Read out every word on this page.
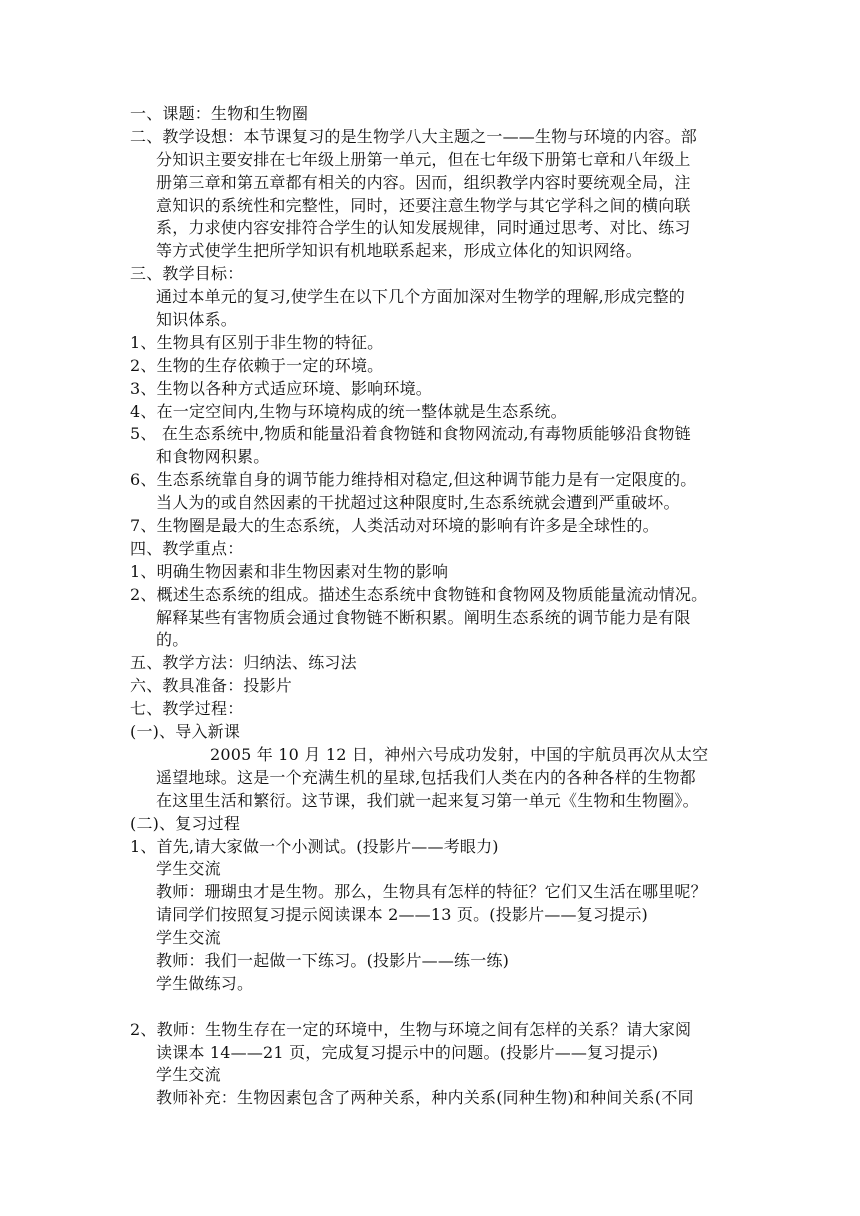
一、课题：生物和生物圈
二、教学设想：本节课复习的是生物学八大主题之一——生物与环境的内容。部
分知识主要安排在七年级上册第一单元，但在七年级下册第七章和八年级上
册第三章和第五章都有相关的内容。因而，组织教学内容时要统观全局，注
意知识的系统性和完整性，同时，还要注意生物学与其它学科之间的横向联
系，力求使内容安排符合学生的认知发展规律，同时通过思考、对比、练习
等方式使学生把所学知识有机地联系起来，形成立体化的知识网络。
三、教学目标：
通过本单元的复习,使学生在以下几个方面加深对生物学的理解,形成完整的
知识体系。
1、生物具有区别于非生物的特征。
2、生物的生存依赖于一定的环境。
3、生物以各种方式适应环境、影响环境。
4、在一定空间内,生物与环境构成的统一整体就是生态系统。
5、 在生态系统中,物质和能量沿着食物链和食物网流动,有毒物质能够沿食物链
和食物网积累。
6、生态系统靠自身的调节能力维持相对稳定,但这种调节能力是有一定限度的。
当人为的或自然因素的干扰超过这种限度时,生态系统就会遭到严重破坏。
7、生物圈是最大的生态系统，人类活动对环境的影响有许多是全球性的。
四、教学重点：
1、明确生物因素和非生物因素对生物的影响
2、概述生态系统的组成。描述生态系统中食物链和食物网及物质能量流动情况。
解释某些有害物质会通过食物链不断积累。阐明生态系统的调节能力是有限
的。
五、教学方法：归纳法、练习法
六、教具准备：投影片
七、教学过程：
(一)、导入新课
2005 年 10 月 12 日，神州六号成功发射，中国的宇航员再次从太空
遥望地球。这是一个充满生机的星球,包括我们人类在内的各种各样的生物都
在这里生活和繁衍。这节课，我们就一起来复习第一单元《生物和生物圈》。
(二)、复习过程
1、首先,请大家做一个小测试。(投影片——考眼力)
学生交流
教师：珊瑚虫才是生物。那么，生物具有怎样的特征？它们又生活在哪里呢？
请同学们按照复习提示阅读课本 2——13 页。(投影片——复习提示)
学生交流
教师：我们一起做一下练习。(投影片——练一练)
学生做练习。
2、教师：生物生存在一定的环境中，生物与环境之间有怎样的关系？请大家阅
读课本 14——21 页，完成复习提示中的问题。(投影片——复习提示)
学生交流
教师补充：生物因素包含了两种关系，种内关系(同种生物)和种间关系(不同
